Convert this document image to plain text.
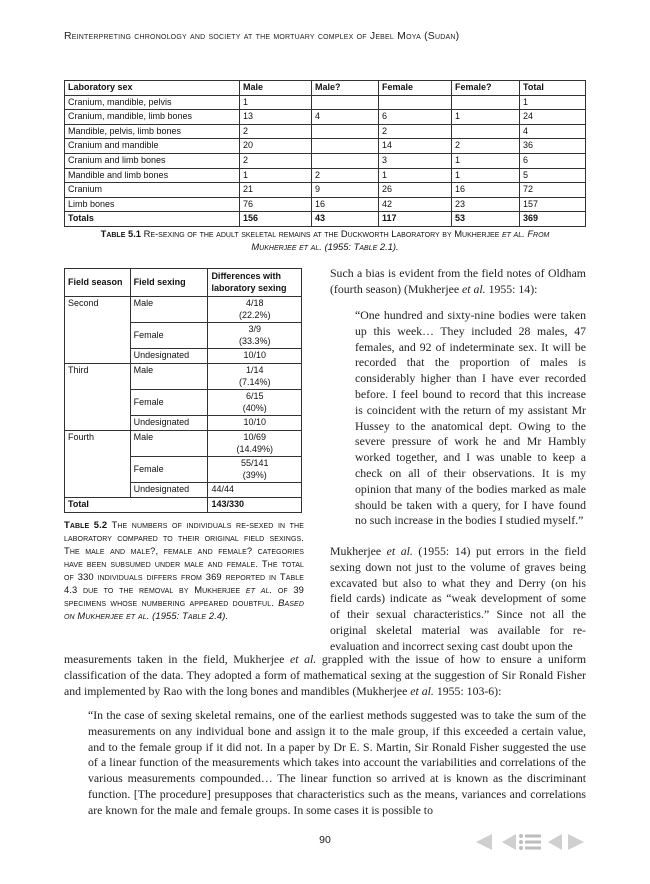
Reinterpreting chronology and society at the mortuary complex of Jebel Moya (Sudan)
Laboratory sex	Male	Male?	Female	Female?	Total
Cranium, mandible, pelvis	1				1
Cranium, mandible, limb bones	13	4	6	1	24
Mandible, pelvis, limb bones	2		2		4
Cranium and mandible	20		14	2	36
Cranium and limb bones	2		3	1	6
Mandible and limb bones	1	2	1	1	5
Cranium	21	9	26	16	72
Limb bones	76	16	42	23	157
Totals	156	43	117	53	369
Table 5.1 Re-sexing of the adult skeletal remains at the Duckworth Laboratory by Mukherjee et al. From
Mukherjee et al. (1955: Table 2.1).
Field season	Field sexing	Differences with laboratory sexing
Second	Male	4/18
(22.2%)
	Female	3/9
(33.3%)
	Undesignated	10/10
Third	Male	1/14
(7.14%)
	Female	6/15
(40%)
	Undesignated	10/10
Fourth	Male	10/69
(14.49%)
	Female	55/141
(39%)
	Undesignated	44/44
Total		143/330
Table 5.2 The numbers of individuals re-sexed in the laboratory compared to their original field sexings. The male and male?, female and female? categories have been subsumed under male and female. The total of 330 individuals differs from 369 reported in Table 4.3 due to the removal by Mukherjee et al. of 39 specimens whose numbering appeared doubtful. Based on Mukherjee et al. (1955: Table 2.4).
Such a bias is evident from the field notes of Oldham (fourth season) (Mukherjee et al. 1955: 14):
“One hundred and sixty-nine bodies were taken up this week… They included 28 males, 47 females, and 92 of indeterminate sex. It will be recorded that the proportion of males is considerably higher than I have ever recorded before. I feel bound to record that this increase is coincident with the return of my assistant Mr Hussey to the anatomical dept. Owing to the severe pressure of work he and Mr Hambly worked together, and I was unable to keep a check on all of their observations. It is my opinion that many of the bodies marked as male should be taken with a query, for I have found no such increase in the bodies I studied myself.”
Mukherjee et al. (1955: 14) put errors in the field sexing down not just to the volume of graves being excavated but also to what they and Derry (on his field cards) indicate as “weak development of some of their sexual characteristics.” Since not all the original skeletal material was available for re-evaluation and incorrect sexing cast doubt upon the
measurements taken in the field, Mukherjee et al. grappled with the issue of how to ensure a uniform classification of the data. They adopted a form of mathematical sexing at the suggestion of Sir Ronald Fisher and implemented by Rao with the long bones and mandibles (Mukherjee et al. 1955: 103-6):
“In the case of sexing skeletal remains, one of the earliest methods suggested was to take the sum of the measurements on any individual bone and assign it to the male group, if this exceeded a certain value, and to the female group if it did not. In a paper by Dr E. S. Martin, Sir Ronald Fisher suggested the use of a linear function of the measurements which takes into account the variabilities and correlations of the various measurements compounded… The linear function so arrived at is known as the discriminant function. [The procedure] presupposes that characteristics such as the means, variances and correlations are known for the male and female groups. In some cases it is possible to
90
